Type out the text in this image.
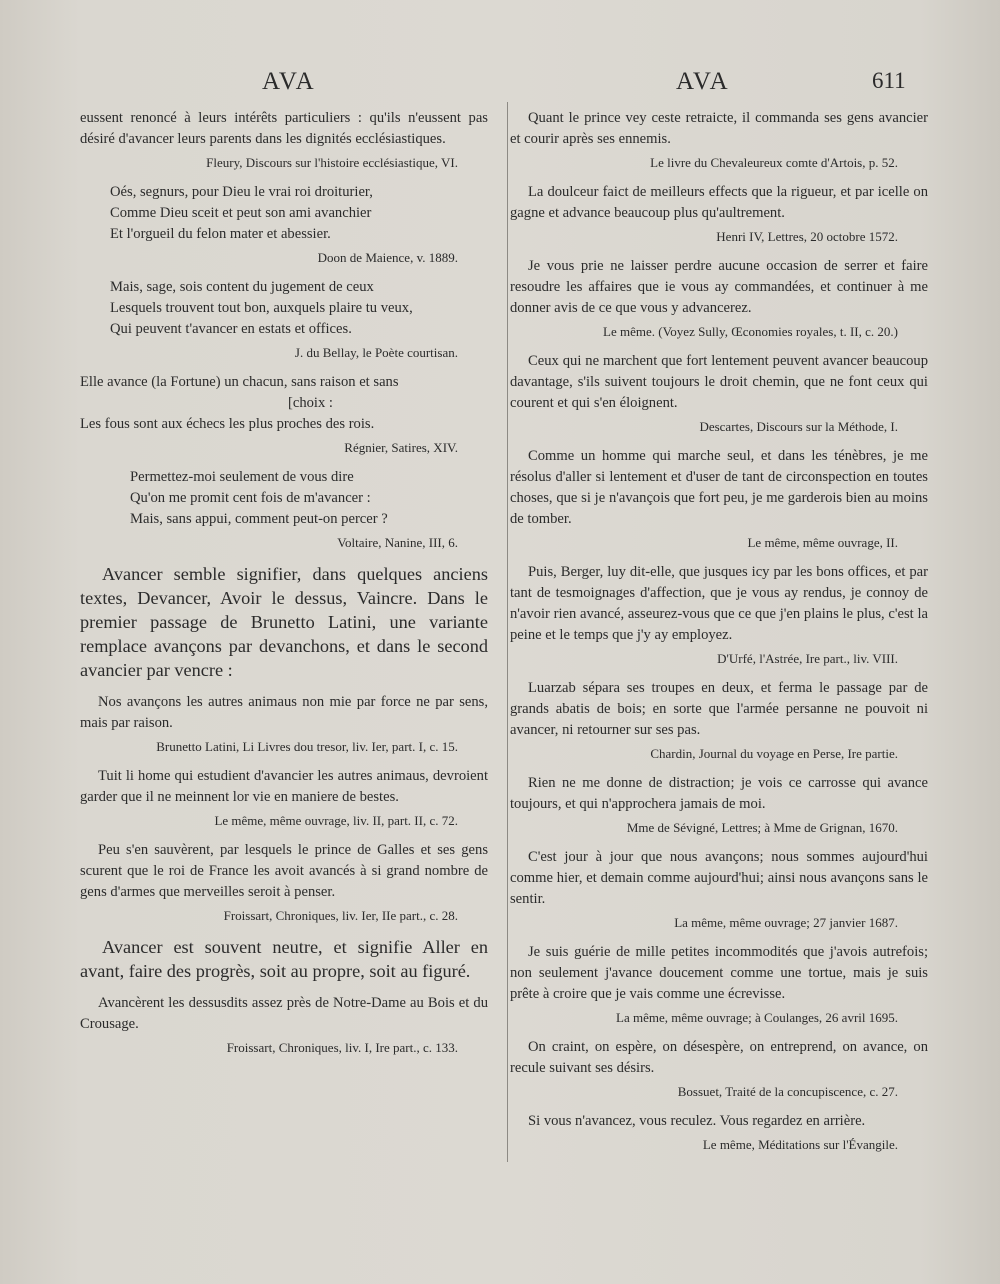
AVA	AVA	611

eussent renoncé à leurs intérêts particuliers : qu'ils n'eussent pas désiré d'avancer leurs parents dans les dignités ecclésiastiques.

Fleury, Discours sur l'histoire ecclésiastique, VI.
Oés, segnurs, pour Dieu le vrai roi droiturier,
Comme Dieu sceit et peut son ami avanchier
Et l'orgueil du felon mater et abessier.
Doon de Maience, v. 1889.
Mais, sage, sois content du jugement de ceux
Lesquels trouvent tout bon, auxquels plaire tu veux,
Qui peuvent t'avancer en estats et offices.
J. du Bellay, le Poète courtisan.
Elle avance (la Fortune) un chacun, sans raison et sans
[choix :
Les fous sont aux échecs les plus proches des rois.
Régnier, Satires, XIV.
Permettez-moi seulement de vous dire
Qu'on me promit cent fois de m'avancer :
Mais, sans appui, comment peut-on percer ?
Voltaire, Nanine, III, 6.

Avancer semble signifier, dans quelques anciens textes, Devancer, Avoir le dessus, Vaincre. Dans le premier passage de Brunetto Latini, une variante remplace avançons par devanchons, et dans le second avancier par vencre :

Nos avançons les autres animaus non mie par force ne par sens, mais par raison.

Brunetto Latini, Li Livres dou tresor, liv. Ier, part. I, c. 15.

Tuit li home qui estudient d'avancier les autres animaus, devroient garder que il ne meinnent lor vie en maniere de bestes.

Le même, même ouvrage, liv. II, part. II, c. 72.

Peu s'en sauvèrent, par lesquels le prince de Galles et ses gens scurent que le roi de France les avoit avancés à si grand nombre de gens d'armes que merveilles seroit à penser.

Froissart, Chroniques, liv. Ier, IIe part., c. 28.

Avancer est souvent neutre, et signifie Aller en avant, faire des progrès, soit au propre, soit au figuré.

Avancèrent les dessusdits assez près de Notre-Dame au Bois et du Crousage.

Froissart, Chroniques, liv. I, Ire part., c. 133.

Quant le prince vey ceste retraicte, il commanda ses gens avancier et courir après ses ennemis.

Le livre du Chevaleureux comte d'Artois, p. 52.

La doulceur faict de meilleurs effects que la rigueur, et par icelle on gagne et advance beaucoup plus qu'aultrement.

Henri IV, Lettres, 20 octobre 1572.

Je vous prie ne laisser perdre aucune occasion de serrer et faire resoudre les affaires que ie vous ay commandées, et continuer à me donner avis de ce que vous y advancerez.

Le même. (Voyez Sully, Œconomies royales, t. II, c. 20.)

Ceux qui ne marchent que fort lentement peuvent avancer beaucoup davantage, s'ils suivent toujours le droit chemin, que ne font ceux qui courent et qui s'en éloignent.

Descartes, Discours sur la Méthode, I.

Comme un homme qui marche seul, et dans les ténèbres, je me résolus d'aller si lentement et d'user de tant de circonspection en toutes choses, que si je n'avançois que fort peu, je me garderois bien au moins de tomber.

Le même, même ouvrage, II.

Puis, Berger, luy dit-elle, que jusques icy par les bons offices, et par tant de tesmoignages d'affection, que je vous ay rendus, je connoy de n'avoir rien avancé, asseurez-vous que ce que j'en plains le plus, c'est la peine et le temps que j'y ay employez.

D'Urfé, l'Astrée, Ire part., liv. VIII.

Luarzab sépara ses troupes en deux, et ferma le passage par de grands abatis de bois; en sorte que l'armée persanne ne pouvoit ni avancer, ni retourner sur ses pas.

Chardin, Journal du voyage en Perse, Ire partie.

Rien ne me donne de distraction; je vois ce carrosse qui avance toujours, et qui n'approchera jamais de moi.

Mme de Sévigné, Lettres; à Mme de Grignan, 1670.

C'est jour à jour que nous avançons; nous sommes aujourd'hui comme hier, et demain comme aujourd'hui; ainsi nous avançons sans le sentir.

La même, même ouvrage; 27 janvier 1687.

Je suis guérie de mille petites incommodités que j'avois autrefois; non seulement j'avance doucement comme une tortue, mais je suis prête à croire que je vais comme une écrevisse.

La même, même ouvrage; à Coulanges, 26 avril 1695.

On craint, on espère, on désespère, on entreprend, on avance, on recule suivant ses désirs.

Bossuet, Traité de la concupiscence, c. 27.

Si vous n'avancez, vous reculez. Vous regardez en arrière.

Le même, Méditations sur l'Évangile.
